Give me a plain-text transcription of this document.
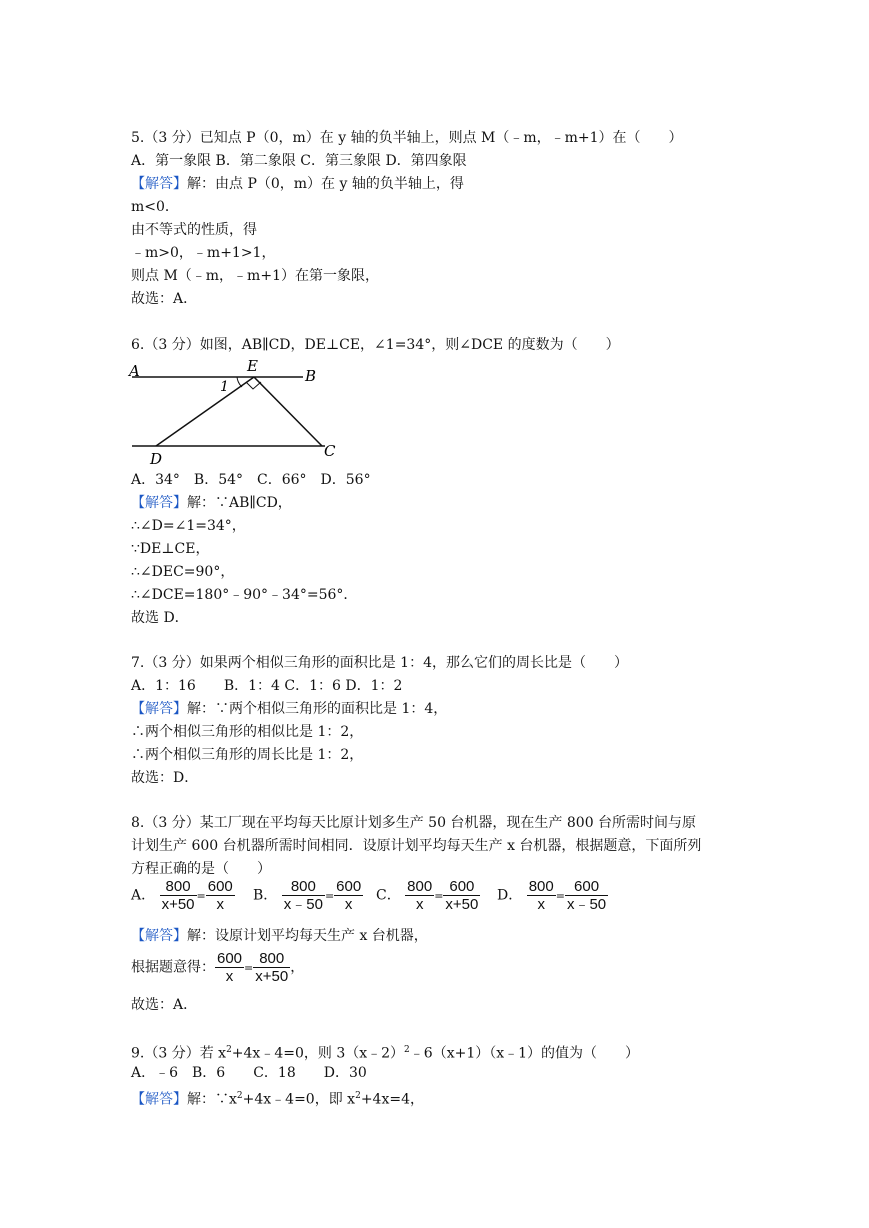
5.（3 分）已知点 P（0，m）在 y 轴的负半轴上，则点 M（﹣m，﹣m+1）在（　　）
A．第一象限 B．第二象限 C．第三象限 D．第四象限
【解答】解：由点 P（0，m）在 y 轴的负半轴上，得
m<0．
由不等式的性质，得
﹣m>0，﹣m+1>1，
则点 M（﹣m，﹣m+1）在第一象限，
故选：A．
6.（3 分）如图，AB∥CD，DE⊥CE，∠1=34°，则∠DCE 的度数为（　　）
A	B
E
1
D	C
A．34°　B．54°　C．66°　D．56°
【解答】解：∵AB∥CD，
∴∠D=∠1=34°，
∵DE⊥CE，
∴∠DEC=90°，
∴∠DCE=180°﹣90°﹣34°=56°．
故选 D．
7.（3 分）如果两个相似三角形的面积比是 1：4，那么它们的周长比是（　　）
A．1：16　　B．1：4 C．1：6 D．1：2
【解答】解：∵两个相似三角形的面积比是 1：4，
∴两个相似三角形的相似比是 1：2，
∴两个相似三角形的周长比是 1：2，
故选：D．
8.（3 分）某工厂现在平均每天比原计划多生产 50 台机器，现在生产 800 台所需时间与原
计划生产 600 台机器所需时间相同．设原计划平均每天生产 x 台机器，根据题意，下面所列
方程正确的是（　　）
A． $\frac{800}{x+50} = \frac{600}{x}$ B． $\frac{800}{x﹣50} = \frac{600}{x}$ C． $\frac{800}{x} = \frac{600}{x+50}$ D． $\frac{800}{x} = \frac{600}{x﹣50}$
【解答】解：设原计划平均每天生产 x 台机器，
根据题意得： $\frac{600}{x} = \frac{800}{x+50}$ ，
故选：A．
9.（3 分）若 $x^2+4x﹣4=0$，则 3（x﹣2）$^2$﹣6（x+1）（x﹣1）的值为（　　）
A．﹣6　B．6　　C．18　　D．30
【解答】解：$\because x^2+4x﹣4=0$，即 $x^2+4x=4$，
